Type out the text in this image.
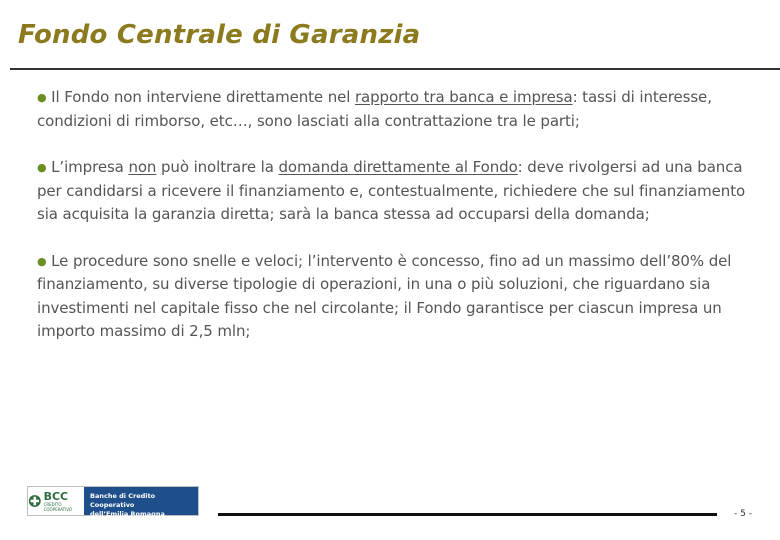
Fondo Centrale di Garanzia

● Il Fondo non interviene direttamente nel rapporto tra banca e impresa: tassi di interesse, condizioni di rimborso, etc…, sono lasciati alla contrattazione tra le parti;

● L’impresa non può inoltrare la domanda direttamente al Fondo: deve rivolgersi ad una banca per candidarsi a ricevere il finanziamento e, contestualmente, richiedere che sul finanziamento sia acquisita la garanzia diretta; sarà la banca stessa ad occuparsi della domanda;

● Le procedure sono snelle e veloci; l’intervento è concesso, fino ad un massimo dell’80% del finanziamento, su diverse tipologie di operazioni, in una o più soluzioni, che riguardano sia investimenti nel capitale fisso che nel circolante; il Fondo garantisce per ciascun impresa un importo massimo di 2,5 mln;

BCC
CREDITO COOPERATIVO
Banche di Credito Cooperativo
dell’Emilia Romagna	- 5 -
